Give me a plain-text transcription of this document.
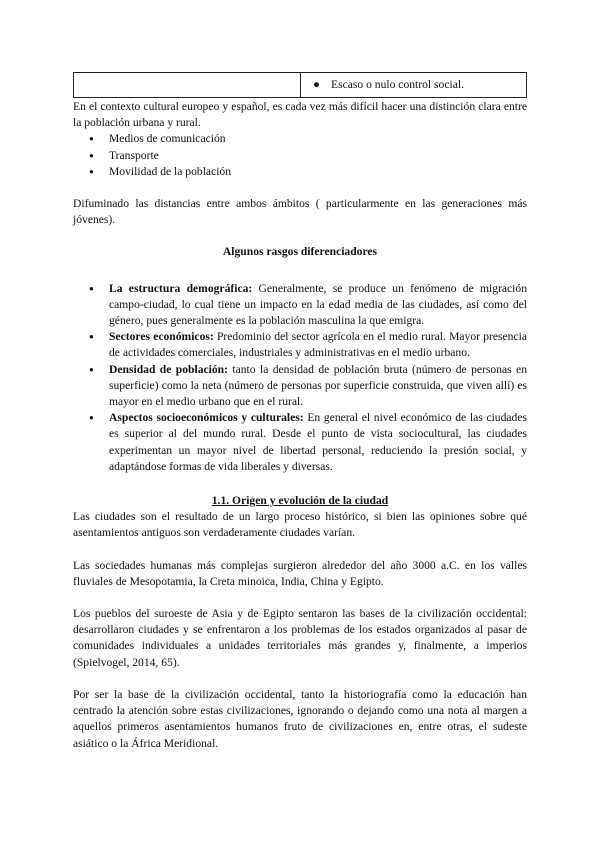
	● Escaso o nulo control social.

En el contexto cultural europeo y español, es cada vez más difícil hacer una distinción clara entre la población urbana y rural.

● Medios de comunicación
● Transporte
● Movilidad de la población

Difuminado las distancias entre ambos ámbitos ( particularmente en las generaciones más jóvenes).

Algunos rasgos diferenciadores

● La estructura demográfica: Generalmente, se produce un fenómeno de migración campo-ciudad, lo cual tiene un impacto en la edad media de las ciudades, así como del género, pues generalmente es la población masculina la que emigra.
● Sectores económicos: Predominio del sector agrícola en el medio rural. Mayor presencia de actividades comerciales, industriales y administrativas en el medio urbano.
● Densidad de población: tanto la densidad de población bruta (número de personas en superficie) como la neta (número de personas por superficie construida, que viven allí) es mayor en el medio urbano que en el rural.
● Aspectos socioeconómicos y culturales: En general el nivel económico de las ciudades es superior al del mundo rural. Desde el punto de vista sociocultural, las ciudades experimentan un mayor nivel de libertad personal, reduciendo la presión social, y adaptándose formas de vida liberales y diversas.

1.1. Origen y evolución de la ciudad

Las ciudades son el resultado de un largo proceso histórico, si bien las opiniones sobre qué asentamientos antiguos son verdaderamente ciudades varían.

Las sociedades humanas más complejas surgieron alrededor del año 3000 a.C. en los valles fluviales de Mesopotamia, la Creta minoica, India, China y Egipto.

Los pueblos del suroeste de Asia y de Egipto sentaron las bases de la civilización occidental: desarrollaron ciudades y se enfrentaron a los problemas de los estados organizados al pasar de comunidades individuales a unidades territoriales más grandes y, finalmente, a imperios (Spielvogel, 2014, 65).

Por ser la base de la civilización occidental, tanto la historiografía como la educación han centrado la atención sobre estas civilizaciones, ignorando o dejando como una nota al margen a aquellos primeros asentamientos humanos fruto de civilizaciones en, entre otras, el sudeste asiático o la África Meridional.
